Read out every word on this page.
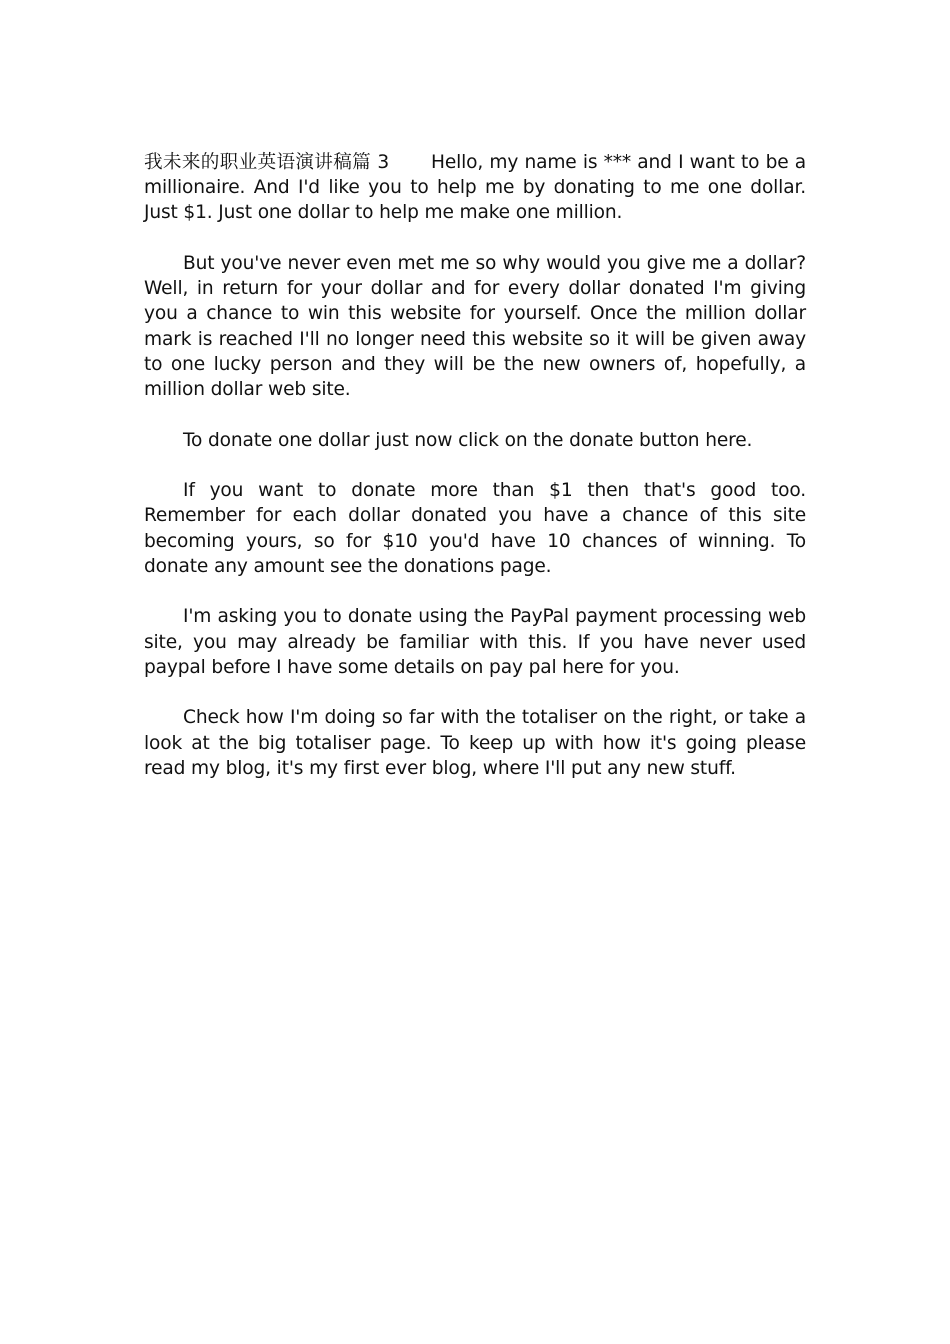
我未来的职业英语演讲稿篇 3 Hello, my name is *** and I want to be a millionaire. And I'd like you to help me by donating to me one dollar. Just $1. Just one dollar to help me make one million.

But you've never even met me so why would you give me a dollar? Well, in return for your dollar and for every dollar donated I'm giving you a chance to win this website for yourself. Once the million dollar mark is reached I'll no longer need this website so it will be given away to one lucky person and they will be the new owners of, hopefully, a million dollar web site.

To donate one dollar just now click on the donate button here.

If you want to donate more than $1 then that's good too. Remember for each dollar donated you have a chance of this site becoming yours, so for $10 you'd have 10 chances of winning. To donate any amount see the donations page.

I'm asking you to donate using the PayPal payment processing web site, you may already be familiar with this. If you have never used paypal before I have some details on pay pal here for you.

Check how I'm doing so far with the totaliser on the right, or take a look at the big totaliser page. To keep up with how it's going please read my blog, it's my first ever blog, where I'll put any new stuff.
